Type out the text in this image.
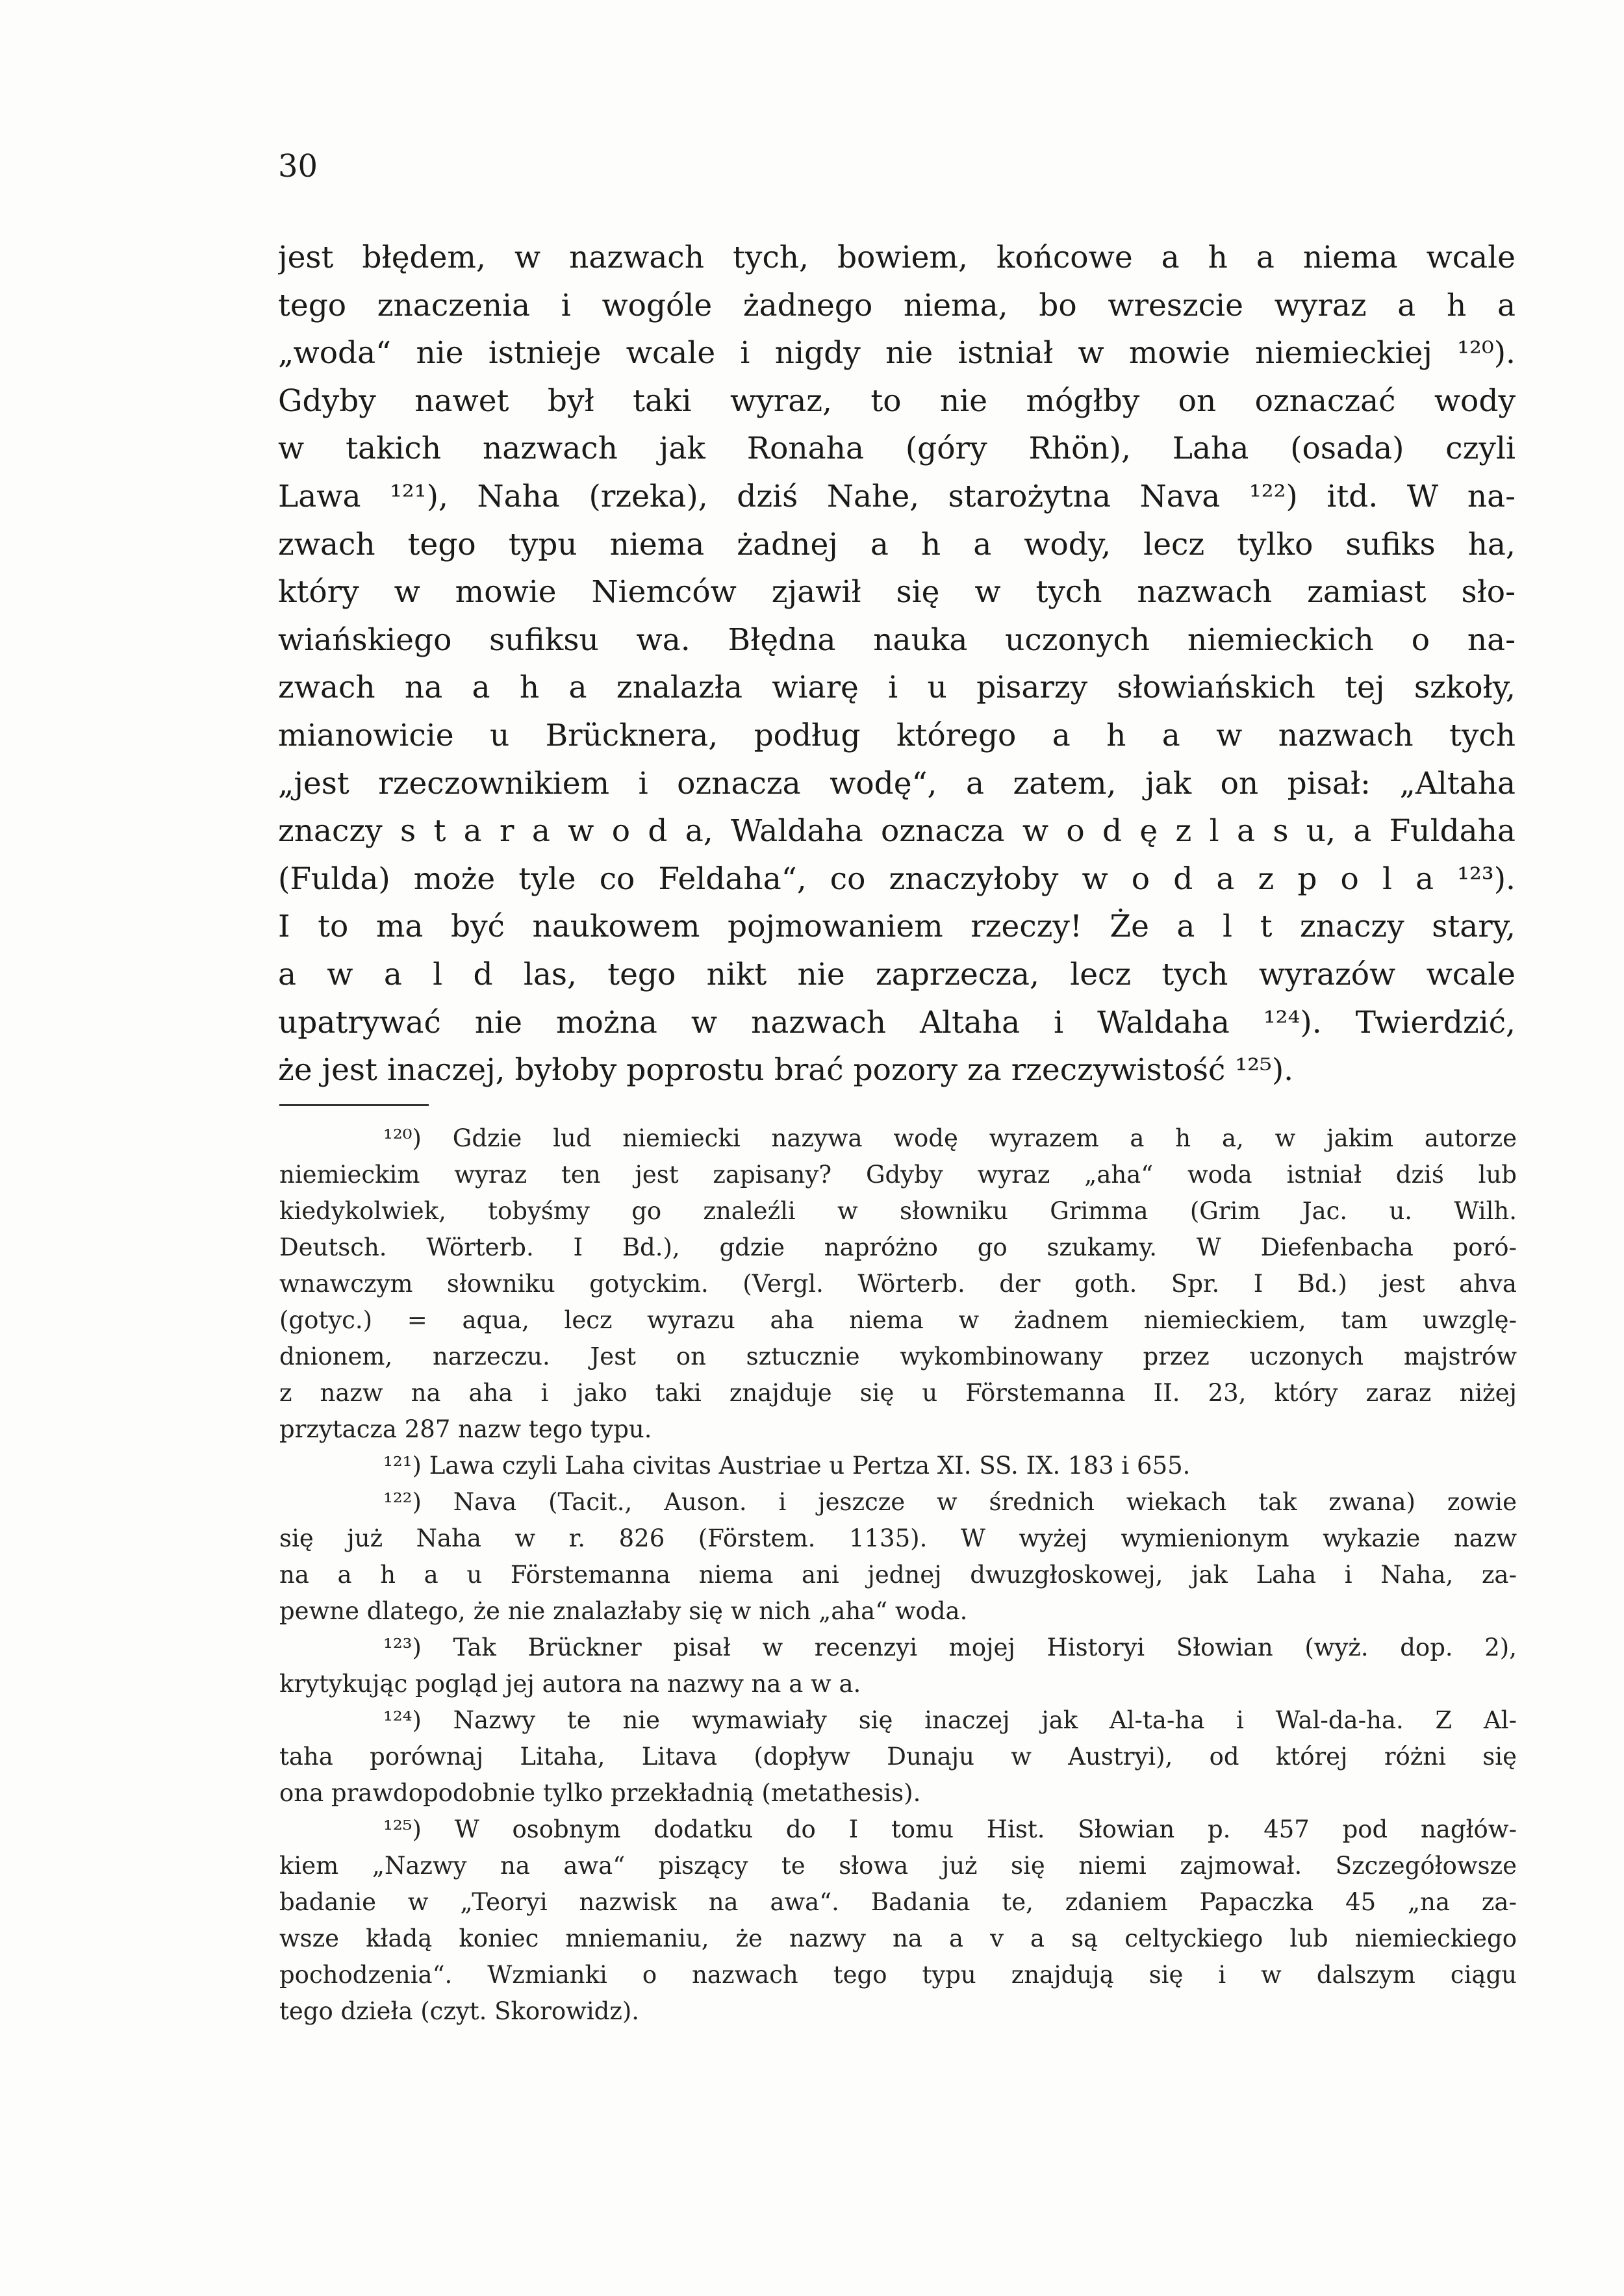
30
jest błędem, w nazwach tych, bowiem, końcowe a h a niema wcale
tego znaczenia i wogóle żadnego niema, bo wreszcie wyraz a h a
„woda“ nie istnieje wcale i nigdy nie istniał w mowie niemieckiej ¹²⁰).
Gdyby nawet był taki wyraz, to nie mógłby on oznaczać wody
w takich nazwach jak Ronaha (góry Rhön), Laha (osada) czyli
Lawa ¹²¹), Naha (rzeka), dziś Nahe, starożytna Nava ¹²²) itd. W na-
zwach tego typu niema żadnej a h a wody, lecz tylko sufiks ha,
który w mowie Niemców zjawił się w tych nazwach zamiast sło-
wiańskiego sufiksu wa. Błędna nauka uczonych niemieckich o na-
zwach na a h a znalazła wiarę i u pisarzy słowiańskich tej szkoły,
mianowicie u Brücknera, podług którego a h a w nazwach tych
„jest rzeczownikiem i oznacza wodę“, a zatem, jak on pisał: „Altaha
znaczy s t a r a w o d a, Waldaha oznacza w o d ę z l a s u, a Fuldaha
(Fulda) może tyle co Feldaha“, co znaczyłoby w o d a z p o l a ¹²³).
I to ma być naukowem pojmowaniem rzeczy! Że a l t znaczy stary,
a w a l d las, tego nikt nie zaprzecza, lecz tych wyrazów wcale
upatrywać nie można w nazwach Altaha i Waldaha ¹²⁴). Twierdzić,
że jest inaczej, byłoby poprostu brać pozory za rzeczywistość ¹²⁵).
¹²⁰) Gdzie lud niemiecki nazywa wodę wyrazem a h a, w jakim autorze
niemieckim wyraz ten jest zapisany? Gdyby wyraz „aha“ woda istniał dziś lub
kiedykolwiek, tobyśmy go znaleźli w słowniku Grimma (Grim Jac. u. Wilh.
Deutsch. Wörterb. I Bd.), gdzie napróżno go szukamy. W Diefenbacha poró-
wnawczym słowniku gotyckim. (Vergl. Wörterb. der goth. Spr. I Bd.) jest ahva
(gotyc.) = aqua, lecz wyrazu aha niema w żadnem niemieckiem, tam uwzglę-
dnionem, narzeczu. Jest on sztucznie wykombinowany przez uczonych majstrów
z nazw na aha i jako taki znajduje się u Förstemanna II. 23, który zaraz niżej
przytacza 287 nazw tego typu.
¹²¹) Lawa czyli Laha civitas Austriae u Pertza XI. SS. IX. 183 i 655.
¹²²) Nava (Tacit., Auson. i jeszcze w średnich wiekach tak zwana) zowie
się już Naha w r. 826 (Förstem. 1135). W wyżej wymienionym wykazie nazw
na a h a u Förstemanna niema ani jednej dwuzgłoskowej, jak Laha i Naha, za-
pewne dlatego, że nie znalazłaby się w nich „aha“ woda.
¹²³) Tak Brückner pisał w recenzyi mojej Historyi Słowian (wyż. dop. 2),
krytykując pogląd jej autora na nazwy na a w a.
¹²⁴) Nazwy te nie wymawiały się inaczej jak Al-ta-ha i Wal-da-ha. Z Al-
taha porównaj Litaha, Litava (dopływ Dunaju w Austryi), od której różni się
ona prawdopodobnie tylko przekładnią (metathesis).
¹²⁵) W osobnym dodatku do I tomu Hist. Słowian p. 457 pod nagłów-
kiem „Nazwy na awa“ piszący te słowa już się niemi zajmował. Szczegółowsze
badanie w „Teoryi nazwisk na awa“. Badania te, zdaniem Papaczka 45 „na za-
wsze kładą koniec mniemaniu, że nazwy na a v a są celtyckiego lub niemieckiego
pochodzenia“. Wzmianki o nazwach tego typu znajdują się i w dalszym ciągu
tego dzieła (czyt. Skorowidz).
